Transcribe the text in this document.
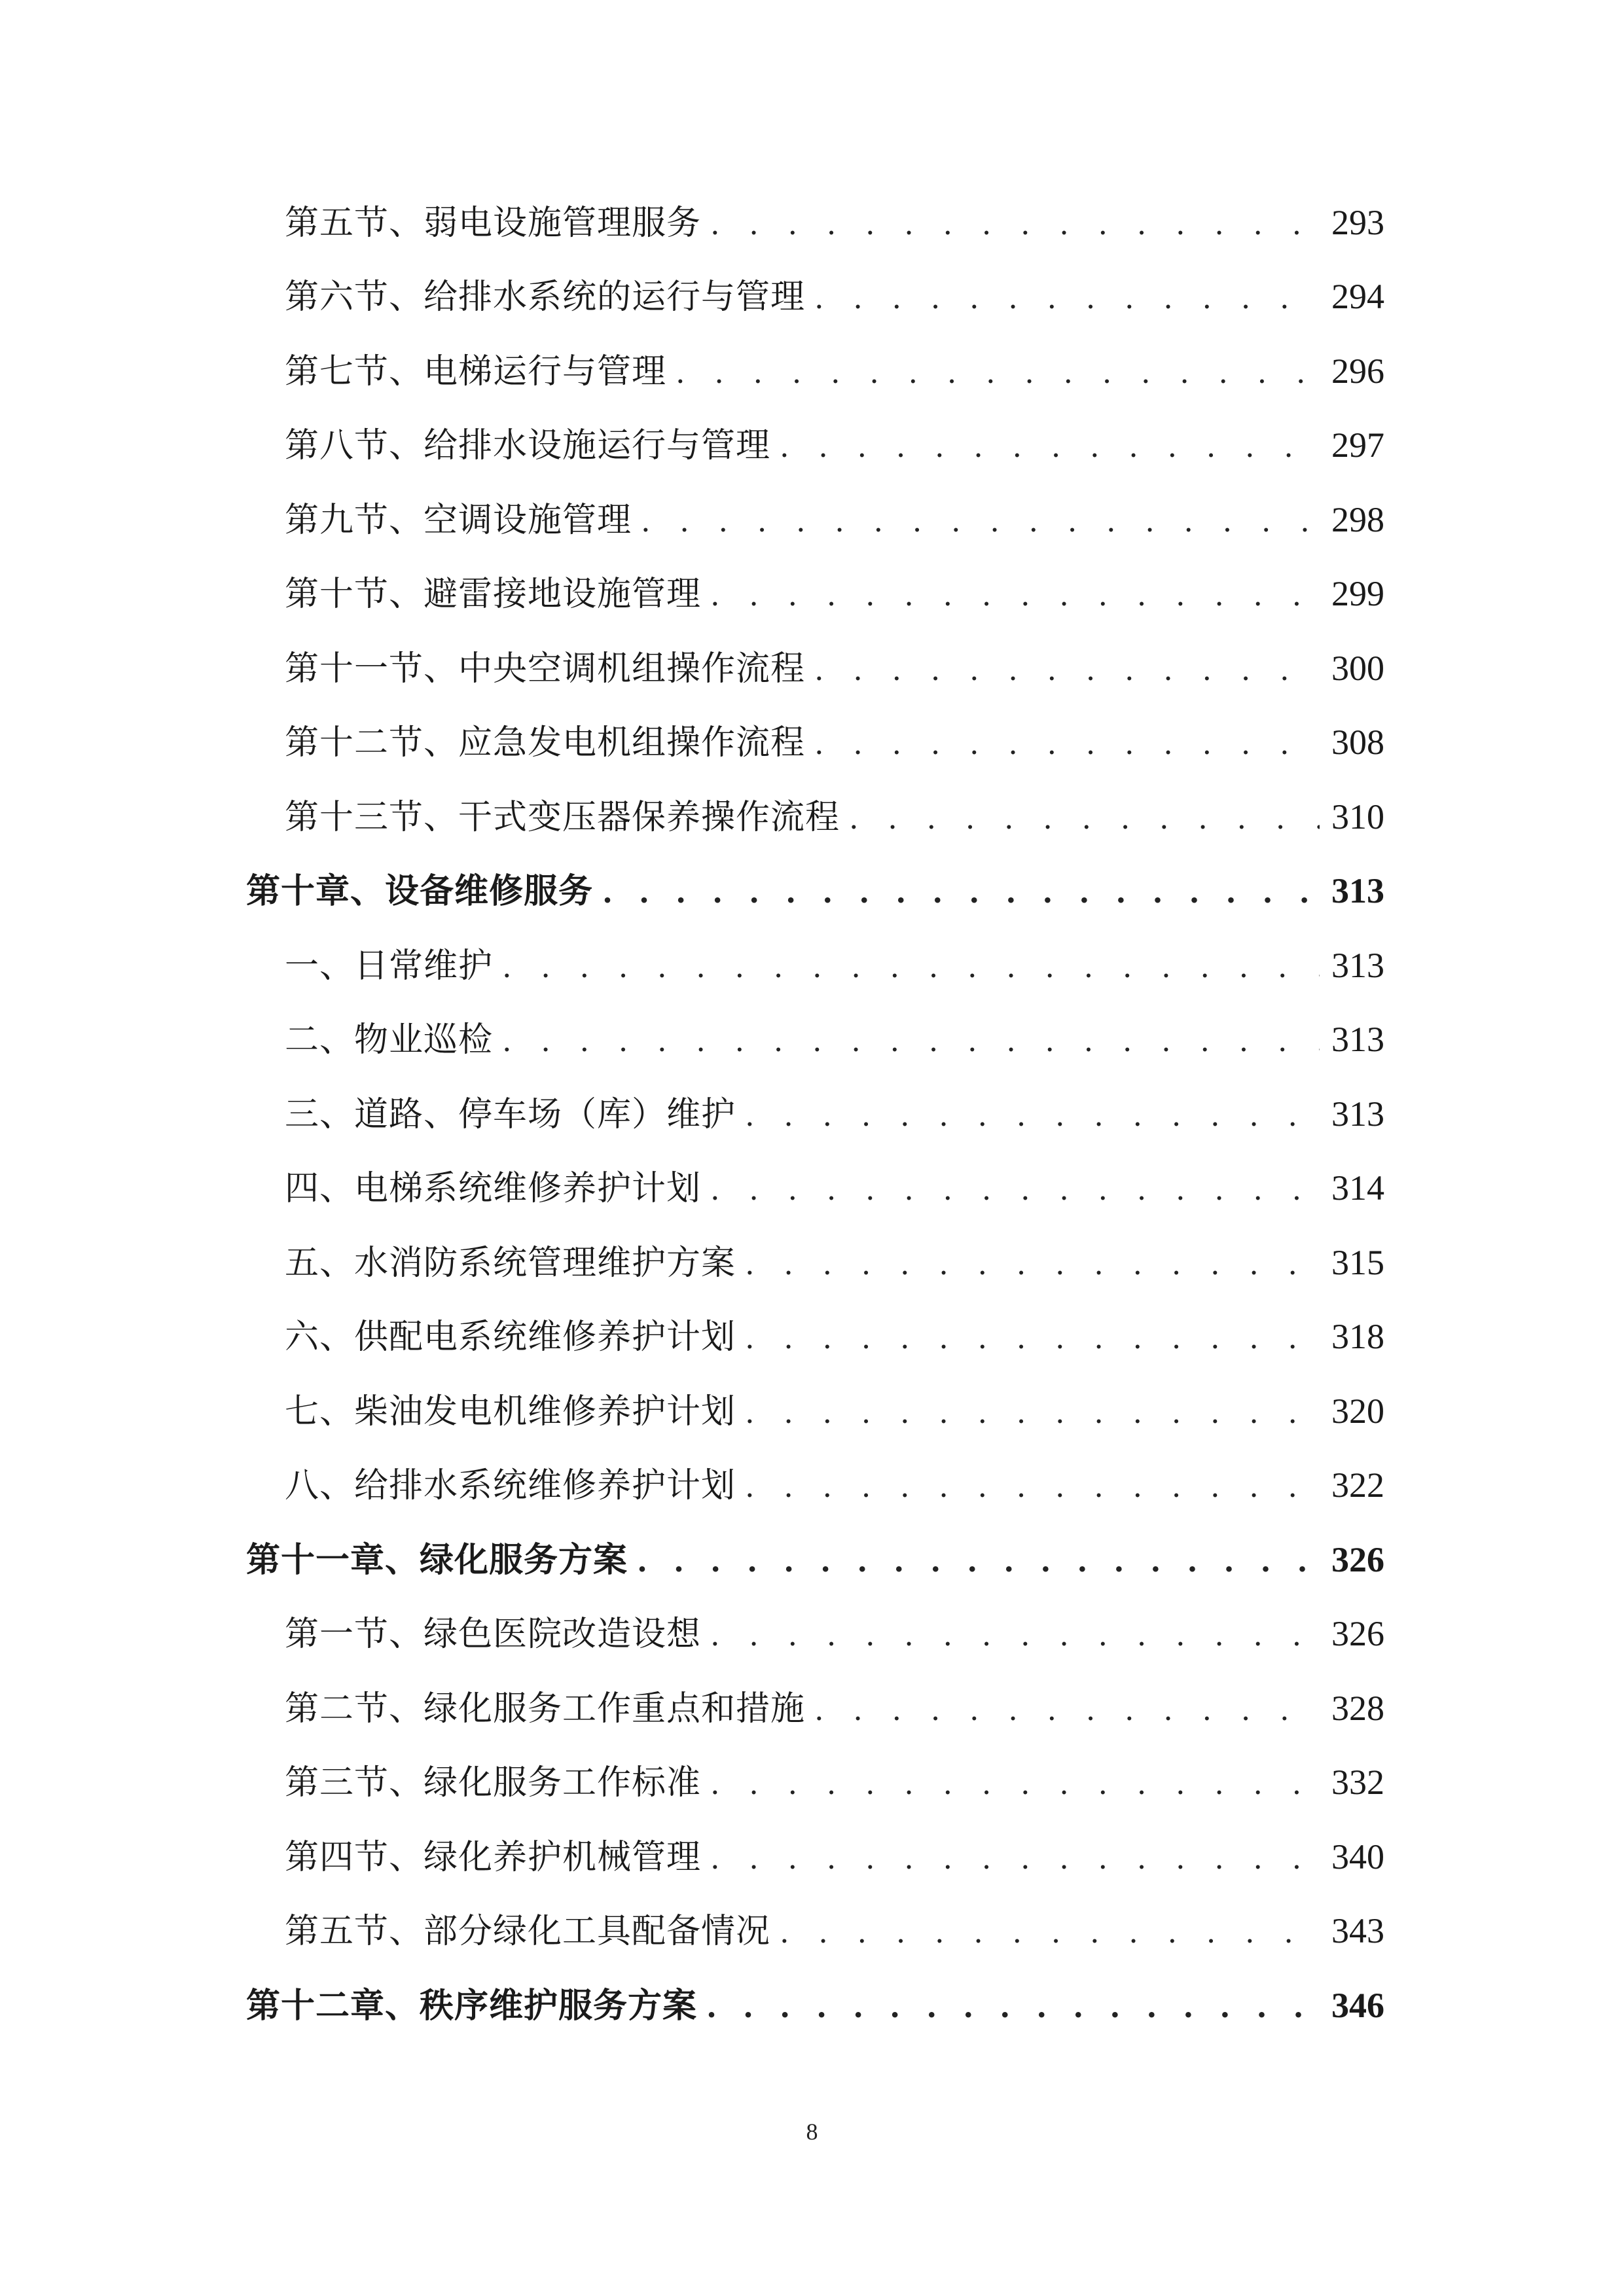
第五节、弱电设施管理服务 . . .	293
第六节、给排水系统的运行与管理 . . .	294
第七节、电梯运行与管理 . . .	296
第八节、给排水设施运行与管理 . . .	297
第九节、空调设施管理 . . .	298
第十节、避雷接地设施管理 . . .	299
第十一节、中央空调机组操作流程 . . .	300
第十二节、应急发电机组操作流程 . . .	308
第十三节、干式变压器保养操作流程 . . .	310
第十章、设备维修服务 . . .	313
一、日常维护 . . .	313
二、物业巡检 . . .	313
三、道路、停车场（库）维护 . . .	313
四、电梯系统维修养护计划 . . .	314
五、水消防系统管理维护方案 . . .	315
六、供配电系统维修养护计划 . . .	318
七、柴油发电机维修养护计划 . . .	320
八、给排水系统维修养护计划 . . .	322
第十一章、绿化服务方案 . . .	326
第一节、绿色医院改造设想 . . .	326
第二节、绿化服务工作重点和措施 . . .	328
第三节、绿化服务工作标准 . . .	332
第四节、绿化养护机械管理 . . .	340
第五节、部分绿化工具配备情况 . . .	343
第十二章、秩序维护服务方案 . . .	346
8
